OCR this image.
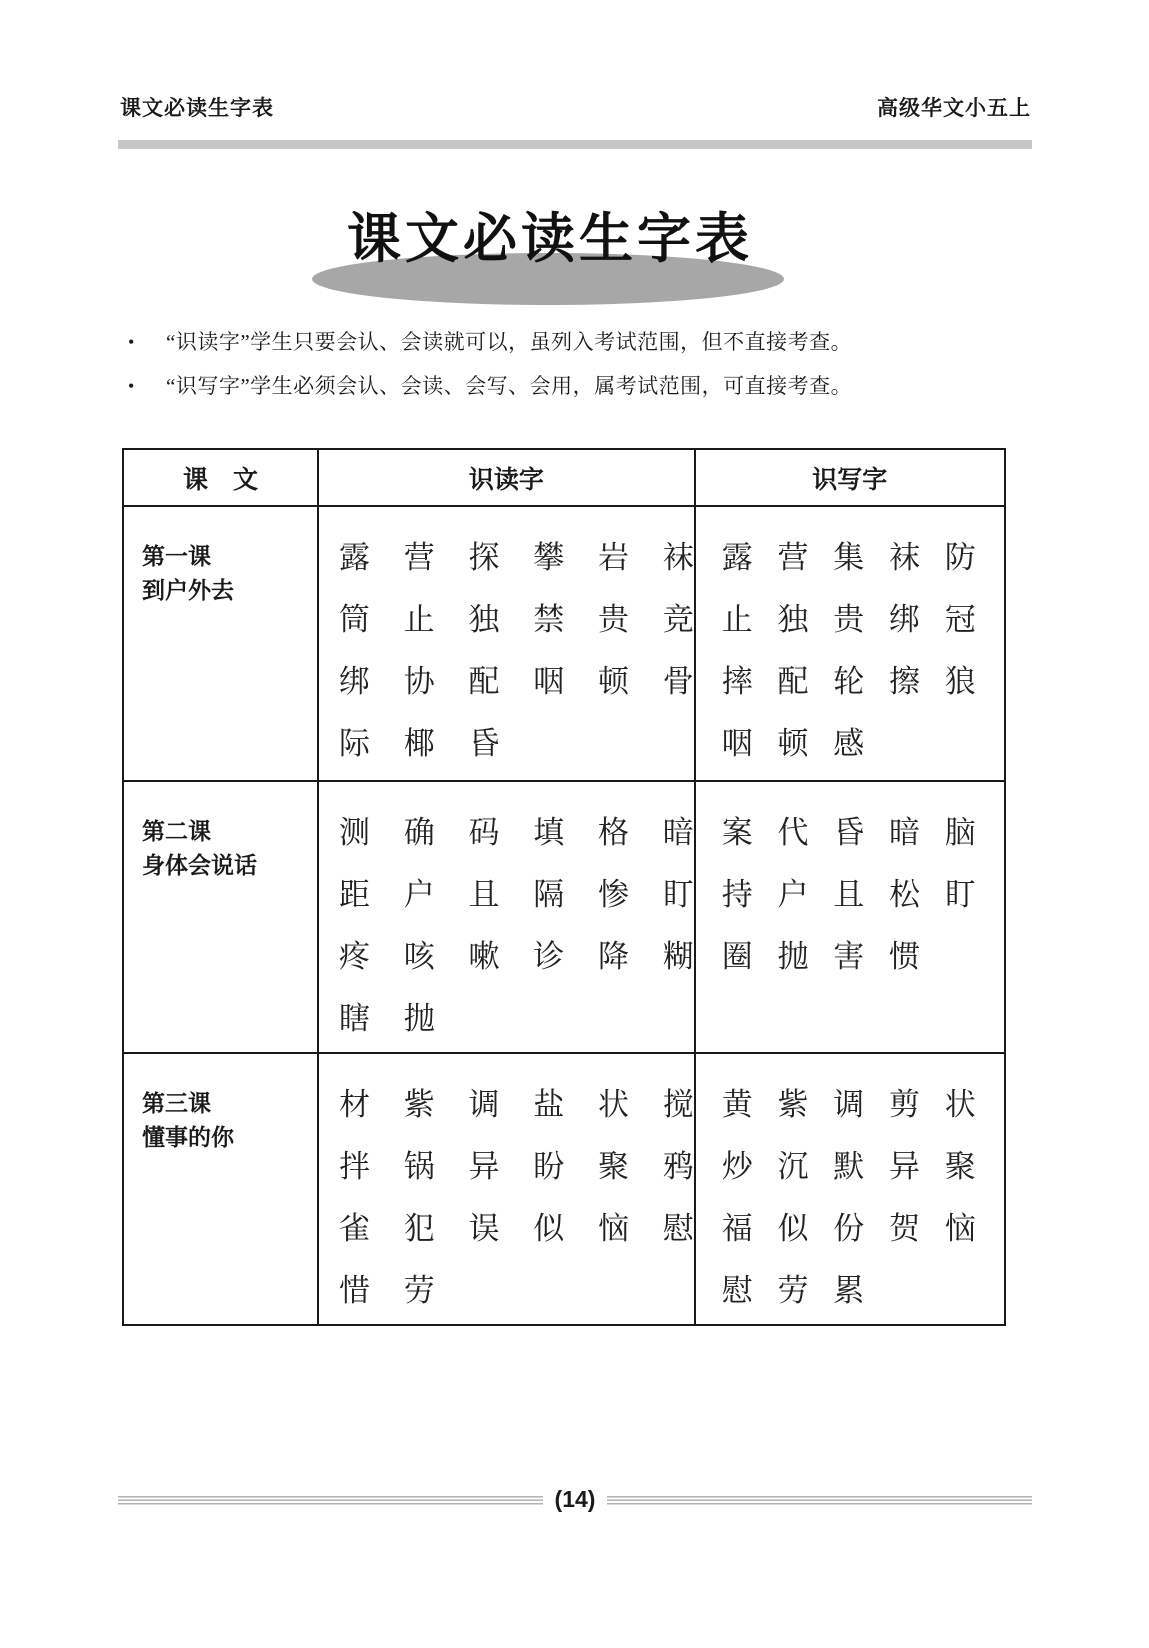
课文必读生字表	高级华文小五上
课文必读生字表
•	“识读字”学生只要会认、会读就可以，虽列入考试范围，但不直接考查。
•	“识写字”学生必须会认、会读、会写、会用，属考试范围，可直接考查。
课　文	识读字	识写字

第一课
到户外去

露 营 探 攀 岩 袜
筒 止 独 禁 贵 竞
绑 协 配 咽 顿 骨
际 椰 昏

露 营 集 袜 防
止 独 贵 绑 冠
摔 配 轮 擦 狼
咽 顿 感

第二课
身体会说话

测 确 码 填 格 暗
距 户 且 隔 惨 盯
疼 咳 嗽 诊 降 糊
瞎 抛

案 代 昏 暗 脑
持 户 且 松 盯
圈 抛 害 惯

第三课
懂事的你

材 紫 调 盐 状 搅
拌 锅 异 盼 聚 鸦
雀 犯 误 似 恼 慰
惜 劳

黄 紫 调 剪 状
炒 沉 默 异 聚
福 似 份 贺 恼
慰 劳 累
(14)
